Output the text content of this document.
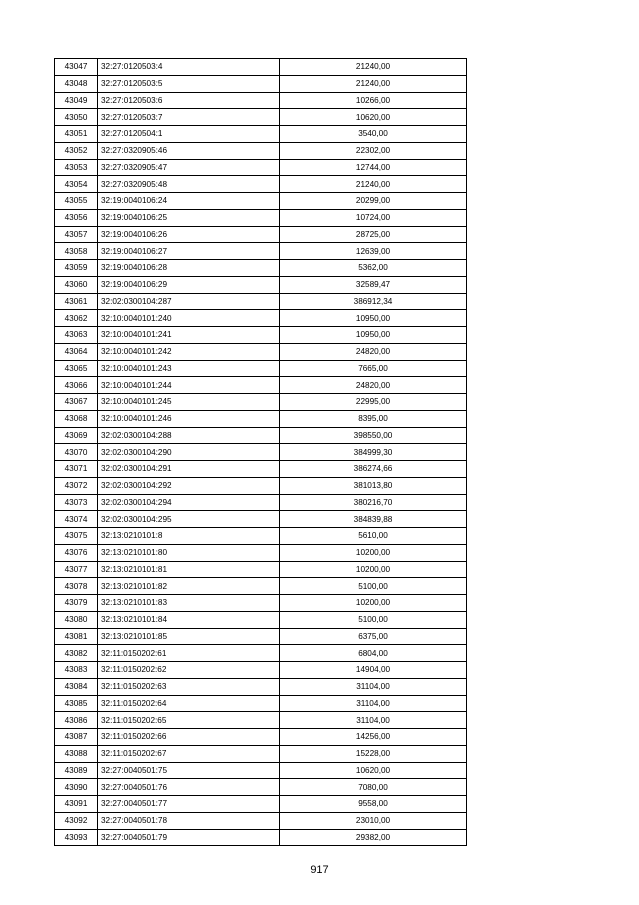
43047	32:27:0120503:4	21240,00
43048	32:27:0120503:5	21240,00
43049	32:27:0120503:6	10266,00
43050	32:27:0120503:7	10620,00
43051	32:27:0120504:1	3540,00
43052	32:27:0320905:46	22302,00
43053	32:27:0320905:47	12744,00
43054	32:27:0320905:48	21240,00
43055	32:19:0040106:24	20299,00
43056	32:19:0040106:25	10724,00
43057	32:19:0040106:26	28725,00
43058	32:19:0040106:27	12639,00
43059	32:19:0040106:28	5362,00
43060	32:19:0040106:29	32589,47
43061	32:02:0300104:287	386912,34
43062	32:10:0040101:240	10950,00
43063	32:10:0040101:241	10950,00
43064	32:10:0040101:242	24820,00
43065	32:10:0040101:243	7665,00
43066	32:10:0040101:244	24820,00
43067	32:10:0040101:245	22995,00
43068	32:10:0040101:246	8395,00
43069	32:02:0300104:288	398550,00
43070	32:02:0300104:290	384999,30
43071	32:02:0300104:291	386274,66
43072	32:02:0300104:292	381013,80
43073	32:02:0300104:294	380216,70
43074	32:02:0300104:295	384839,88
43075	32:13:0210101:8	5610,00
43076	32:13:0210101:80	10200,00
43077	32:13:0210101:81	10200,00
43078	32:13:0210101:82	5100,00
43079	32:13:0210101:83	10200,00
43080	32:13:0210101:84	5100,00
43081	32:13:0210101:85	6375,00
43082	32:11:0150202:61	6804,00
43083	32:11:0150202:62	14904,00
43084	32:11:0150202:63	31104,00
43085	32:11:0150202:64	31104,00
43086	32:11:0150202:65	31104,00
43087	32:11:0150202:66	14256,00
43088	32:11:0150202:67	15228,00
43089	32:27:0040501:75	10620,00
43090	32:27:0040501:76	7080,00
43091	32:27:0040501:77	9558,00
43092	32:27:0040501:78	23010,00
43093	32:27:0040501:79	29382,00
917
